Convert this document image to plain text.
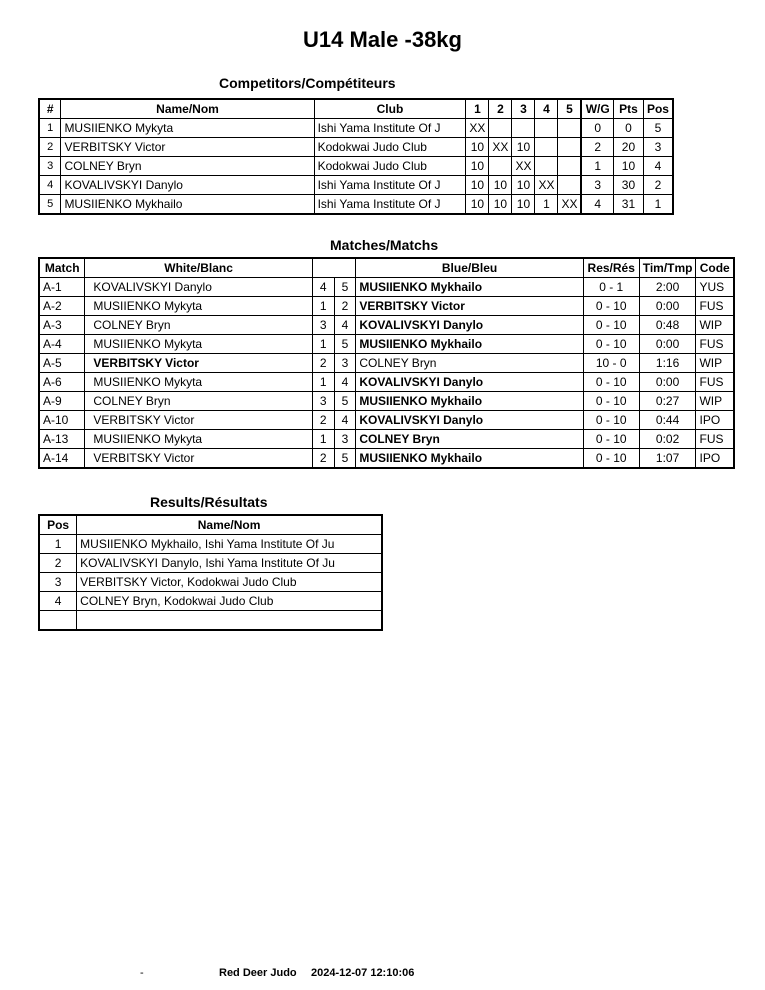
U14 Male -38kg
Competitors/Compétiteurs
#	Name/Nom	Club	1	2	3	4	5	W/G	Pts	Pos
1	MUSIIENKO Mykyta	Ishi Yama Institute Of J	XX					0	0	5
2	VERBITSKY Victor	Kodokwai Judo Club	10	XX	10			2	20	3
3	COLNEY Bryn	Kodokwai Judo Club	10		XX			1	10	4
4	KOVALIVSKYI Danylo	Ishi Yama Institute Of J	10	10	10	XX		3	30	2
5	MUSIIENKO Mykhailo	Ishi Yama Institute Of J	10	10	10	1	XX	4	31	1
Matches/Matchs
Match	White/Blanc			Blue/Bleu	Res/Rés	Tim/Tmp	Code
A-1	KOVALIVSKYI Danylo	4	5	MUSIIENKO Mykhailo	0 - 1	2:00	YUS
A-2	MUSIIENKO Mykyta	1	2	VERBITSKY Victor	0 - 10	0:00	FUS
A-3	COLNEY Bryn	3	4	KOVALIVSKYI Danylo	0 - 10	0:48	WIP
A-4	MUSIIENKO Mykyta	1	5	MUSIIENKO Mykhailo	0 - 10	0:00	FUS
A-5	VERBITSKY Victor	2	3	COLNEY Bryn	10 - 0	1:16	WIP
A-6	MUSIIENKO Mykyta	1	4	KOVALIVSKYI Danylo	0 - 10	0:00	FUS
A-9	COLNEY Bryn	3	5	MUSIIENKO Mykhailo	0 - 10	0:27	WIP
A-10	VERBITSKY Victor	2	4	KOVALIVSKYI Danylo	0 - 10	0:44	IPO
A-13	MUSIIENKO Mykyta	1	3	COLNEY Bryn	0 - 10	0:02	FUS
A-14	VERBITSKY Victor	2	5	MUSIIENKO Mykhailo	0 - 10	1:07	IPO
Results/Résultats
Pos	Name/Nom
1	MUSIIENKO Mykhailo, Ishi Yama Institute Of Ju
2	KOVALIVSKYI Danylo, Ishi Yama Institute Of Ju
3	VERBITSKY Victor, Kodokwai Judo Club
4	COLNEY Bryn, Kodokwai Judo Club

-	Red Deer Judo 2024-12-07 12:10:06
